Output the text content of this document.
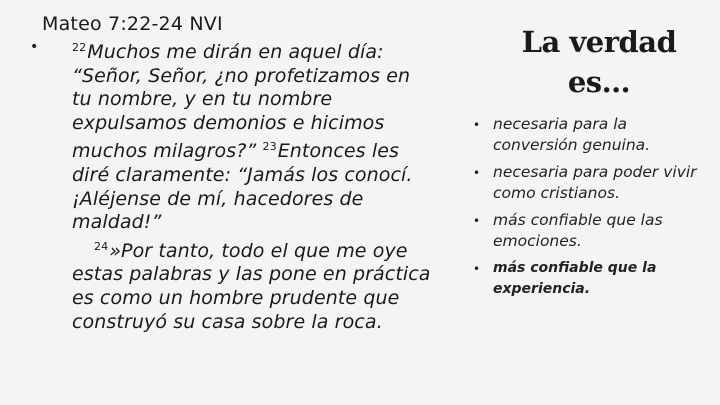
Mateo 7:22-24 NVI
•	$^{22}$Muchos me dirán en aquel día:
“Señor, Señor, ¿no profetizamos en
tu nombre, y en tu nombre
expulsamos demonios e hicimos
muchos milagros?” $^{23}$Entonces les
diré claramente: “Jamás los conocí.
¡Aléjense de mí, hacedores de
maldad!”
$^{24}$»Por tanto, todo el que me oye
estas palabras y las pone en práctica
es como un hombre prudente que
construyó su casa sobre la roca.
La verdad es…
• necesaria para la conversión genuina.
• necesaria para poder vivir como cristianos.
• más confiable que las emociones.
• más confiable que la experiencia.
